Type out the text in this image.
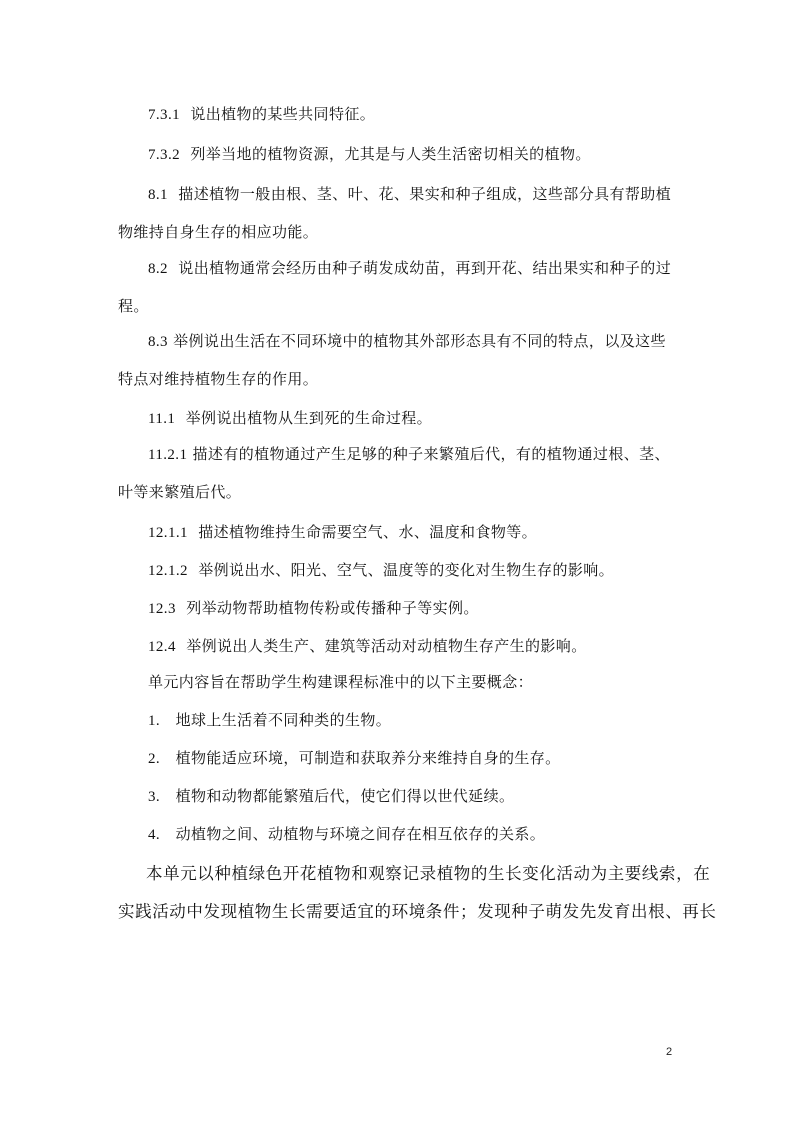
7.3.1 说出植物的某些共同特征。
7.3.2 列举当地的植物资源，尤其是与人类生活密切相关的植物。
8.1 描述植物一般由根、茎、叶、花、果实和种子组成，这些部分具有帮助植物维持自身生存的相应功能。
8.2 说出植物通常会经历由种子萌发成幼苗，再到开花、结出果实和种子的过程。
8.3 举例说出生活在不同环境中的植物其外部形态具有不同的特点，以及这些特点对维持植物生存的作用。
11.1 举例说出植物从生到死的生命过程。
11.2.1 描述有的植物通过产生足够的种子来繁殖后代，有的植物通过根、茎、叶等来繁殖后代。
12.1.1 描述植物维持生命需要空气、水、温度和食物等。
12.1.2 举例说出水、阳光、空气、温度等的变化对生物生存的影响。
12.3 列举动物帮助植物传粉或传播种子等实例。
12.4 举例说出人类生产、建筑等活动对动植物生存产生的影响。
单元内容旨在帮助学生构建课程标准中的以下主要概念：
1. 地球上生活着不同种类的生物。
2. 植物能适应环境，可制造和获取养分来维持自身的生存。
3. 植物和动物都能繁殖后代，使它们得以世代延续。
4. 动植物之间、动植物与环境之间存在相互依存的关系。
本单元以种植绿色开花植物和观察记录植物的生长变化活动为主要线索，在
实践活动中发现植物生长需要适宜的环境条件；发现种子萌发先发育出根、再长
2
